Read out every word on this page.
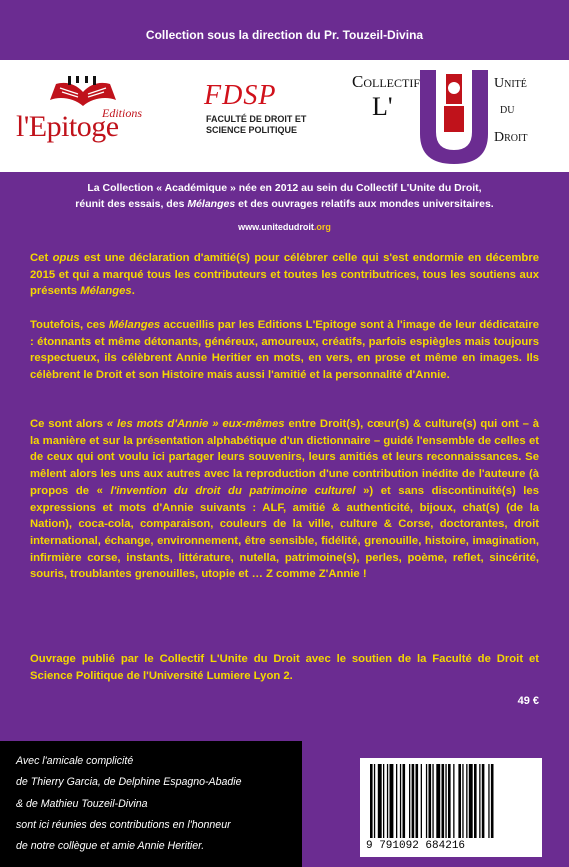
Collection sous la direction du Pr. Touzeil-Divina
l'Epitoge
Editions
FDSP
FACULTÉ DE DROIT ET
SCIENCE POLITIQUE
Collectif
L'
Unité
du
Droit
La Collection « Académique » née en 2012 au sein du Collectif L'Unite du Droit,
réunit des essais, des Mélanges et des ouvrages relatifs aux mondes universitaires.
www.unitedudroit.org
Cet opus est une déclaration d'amitié(s) pour célébrer celle qui s'est endormie en décembre 2015 et qui a marqué tous les contributeurs et toutes les contributrices, tous les soutiens aux présents Mélanges.
Toutefois, ces Mélanges accueillis par les Editions L'Epitoge sont à l'image de leur dédicataire : étonnants et même détonants, généreux, amoureux, créatifs, parfois espiègles mais toujours respectueux, ils célèbrent Annie Heritier en mots, en vers, en prose et même en images. Ils célèbrent le Droit et son Histoire mais aussi l'amitié et la personnalité d'Annie.
Ce sont alors « les mots d'Annie » eux-mêmes entre Droit(s), cœur(s) & culture(s) qui ont – à la manière et sur la présentation alphabétique d'un dictionnaire – guidé l'ensemble de celles et de ceux qui ont voulu ici partager leurs souvenirs, leurs amitiés et leurs reconnaissances. Se mêlent alors les uns aux autres avec la reproduction d'une contribution inédite de l'auteure (à propos de « l'invention du droit du patrimoine culturel ») et sans discontinuité(s) les expressions et mots d'Annie suivants : ALF, amitié & authenticité, bijoux, chat(s) (de la Nation), coca-cola, comparaison, couleurs de la ville, culture & Corse, doctorantes, droit international, échange, environnement, être sensible, fidélité, grenouille, histoire, imagination, infirmière corse, instants, littérature, nutella, patrimoine(s), perles, poème, reflet, sincérité, souris, troublantes grenouilles, utopie et … Z comme Z'Annie !
Ouvrage publié par le Collectif L'Unite du Droit avec le soutien de la Faculté de Droit et Science Politique de l'Université Lumiere Lyon 2.
49 €
Avec l'amicale complicité
de Thierry Garcia, de Delphine Espagno-Abadie
& de Mathieu Touzeil-Divina
sont ici réunies des contributions en l'honneur
de notre collègue et amie Annie Heritier.	9 791092 684216
